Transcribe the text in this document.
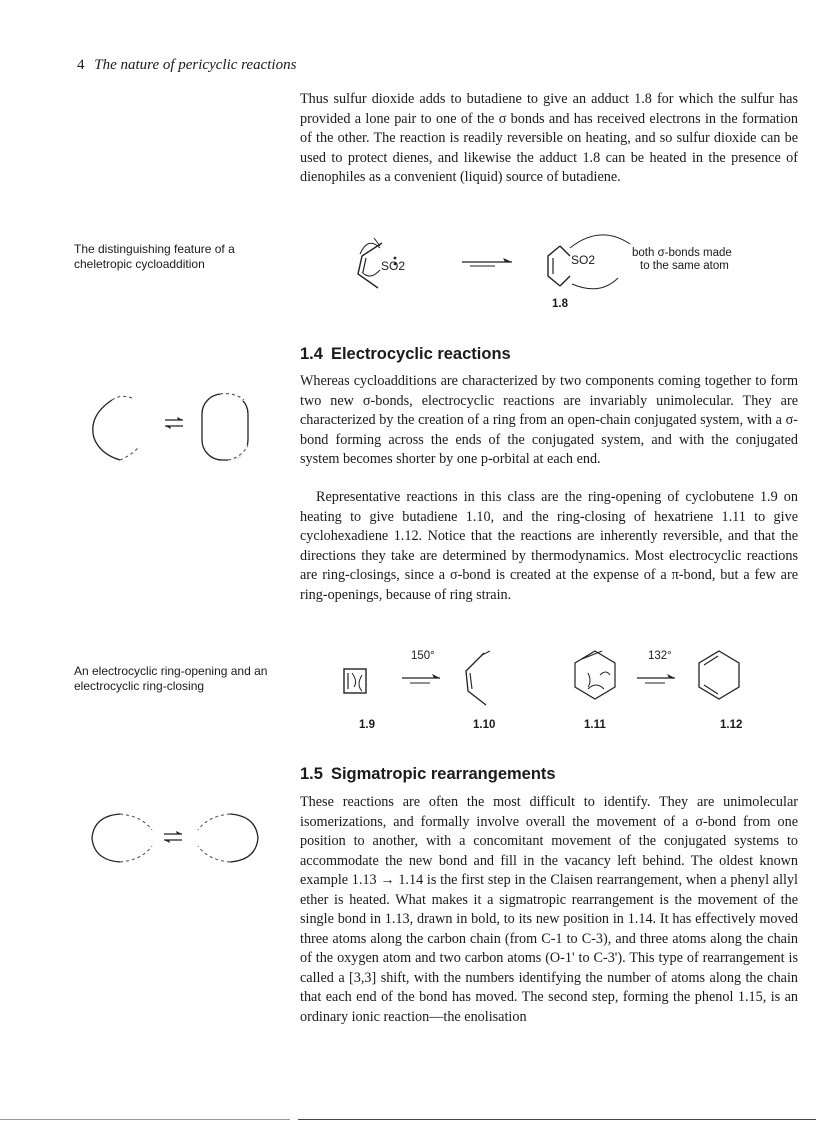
4 The nature of pericyclic reactions

Thus sulfur dioxide adds to butadiene to give an adduct 1.8 for which the sulfur has provided a lone pair to one of the σ bonds and has received electrons in the formation of the other. The reaction is readily reversible on heating, and so sulfur dioxide can be used to protect dienes, and likewise the adduct 1.8 can be heated in the presence of dienophiles as a convenient (liquid) source of butadiene.

The distinguishing feature of a cheletropic cycloaddition	SO2	SO2	both σ-bonds made
to the same atom
1.8
1.4 Electrocyclic reactions

Whereas cycloadditions are characterized by two components coming together to form two new σ-bonds, electrocyclic reactions are invariably unimolecular. They are characterized by the creation of a ring from an open-chain conjugated system, with a σ-bond forming across the ends of the conjugated system, and with the conjugated system becomes shorter by one p-orbital at each end.

Representative reactions in this class are the ring-opening of cyclobutene 1.9 on heating to give butadiene 1.10, and the ring-closing of hexatriene 1.11 to give cyclohexadiene 1.12. Notice that the reactions are inherently reversible, and that the directions they take are determined by thermodynamics. Most electrocyclic reactions are ring-closings, since a σ-bond is created at the expense of a π-bond, but a few are ring-openings, because of ring strain.

An electrocyclic ring-opening and an electrocyclic ring-closing
150°	132°
1.9	1.10	1.11	1.12
1.5 Sigmatropic rearrangements

These reactions are often the most difficult to identify. They are unimolecular isomerizations, and formally involve overall the movement of a σ-bond from one position to another, with a concomitant movement of the conjugated systems to accommodate the new bond and fill in the vacancy left behind. The oldest known example 1.13 → 1.14 is the first step in the Claisen rearrangement, when a phenyl allyl ether is heated. What makes it a sigmatropic rearrangement is the movement of the single bond in 1.13, drawn in bold, to its new position in 1.14. It has effectively moved three atoms along the carbon chain (from C-1 to C-3), and three atoms along the chain of the oxygen atom and two carbon atoms (O-1' to C-3'). This type of rearrangement is called a [3,3] shift, with the numbers identifying the number of atoms along the chain that each end of the bond has moved. The second step, forming the phenol 1.15, is an ordinary ionic reaction—the enolisation
